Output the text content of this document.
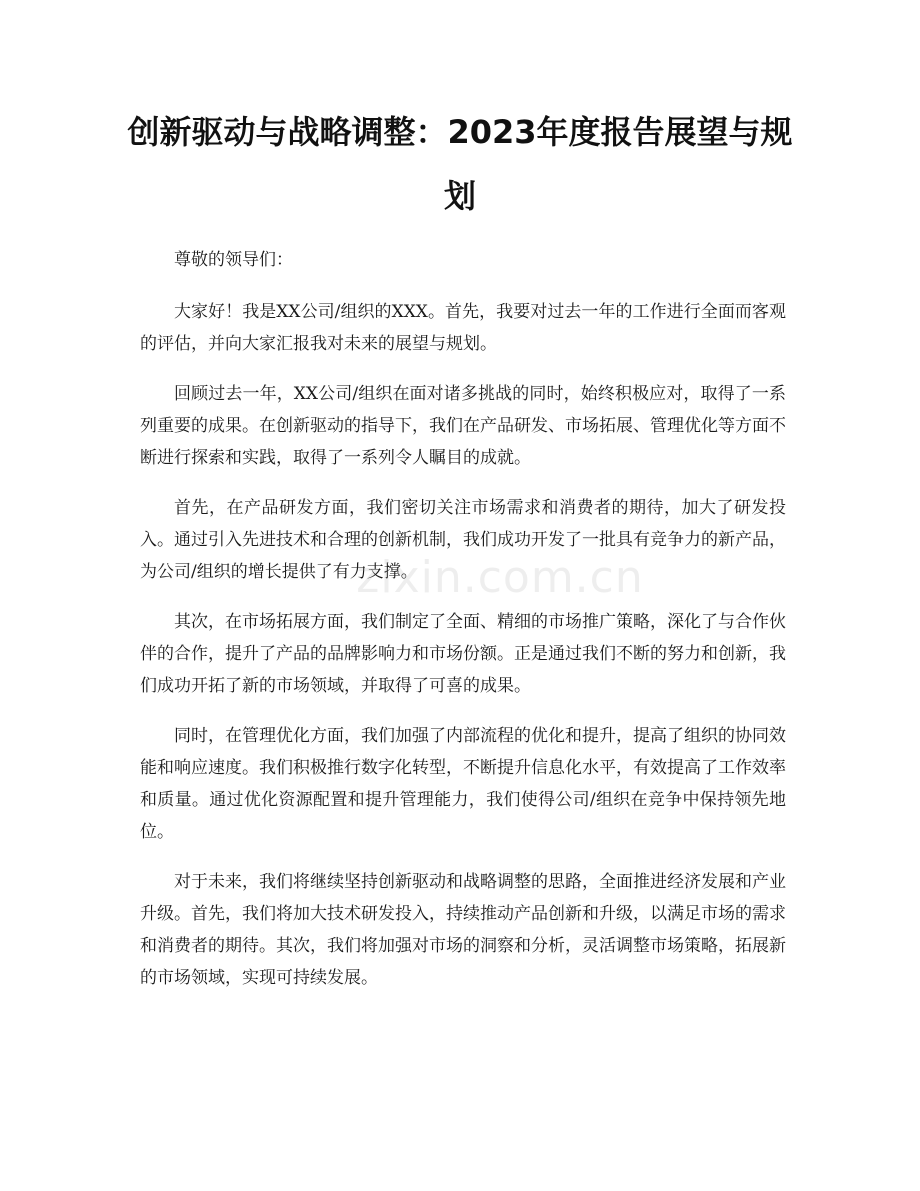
创新驱动与战略调整：2023年度报告展望与规划

尊敬的领导们：

大家好！我是XX公司/组织的XXX。首先，我要对过去一年的工作进行全面而客观的评估，并向大家汇报我对未来的展望与规划。

回顾过去一年，XX公司/组织在面对诸多挑战的同时，始终积极应对，取得了一系列重要的成果。在创新驱动的指导下，我们在产品研发、市场拓展、管理优化等方面不断进行探索和实践，取得了一系列令人瞩目的成就。

首先，在产品研发方面，我们密切关注市场需求和消费者的期待，加大了研发投入。通过引入先进技术和合理的创新机制，我们成功开发了一批具有竞争力的新产品，为公司/组织的增长提供了有力支撑。

其次，在市场拓展方面，我们制定了全面、精细的市场推广策略，深化了与合作伙伴的合作，提升了产品的品牌影响力和市场份额。正是通过我们不断的努力和创新，我们成功开拓了新的市场领域，并取得了可喜的成果。

同时，在管理优化方面，我们加强了内部流程的优化和提升，提高了组织的协同效能和响应速度。我们积极推行数字化转型，不断提升信息化水平，有效提高了工作效率和质量。通过优化资源配置和提升管理能力，我们使得公司/组织在竞争中保持领先地位。

对于未来，我们将继续坚持创新驱动和战略调整的思路，全面推进经济发展和产业升级。首先，我们将加大技术研发投入，持续推动产品创新和升级，以满足市场的需求和消费者的期待。其次，我们将加强对市场的洞察和分析，灵活调整市场策略，拓展新的市场领域，实现可持续发展。

zixin.com.cn
